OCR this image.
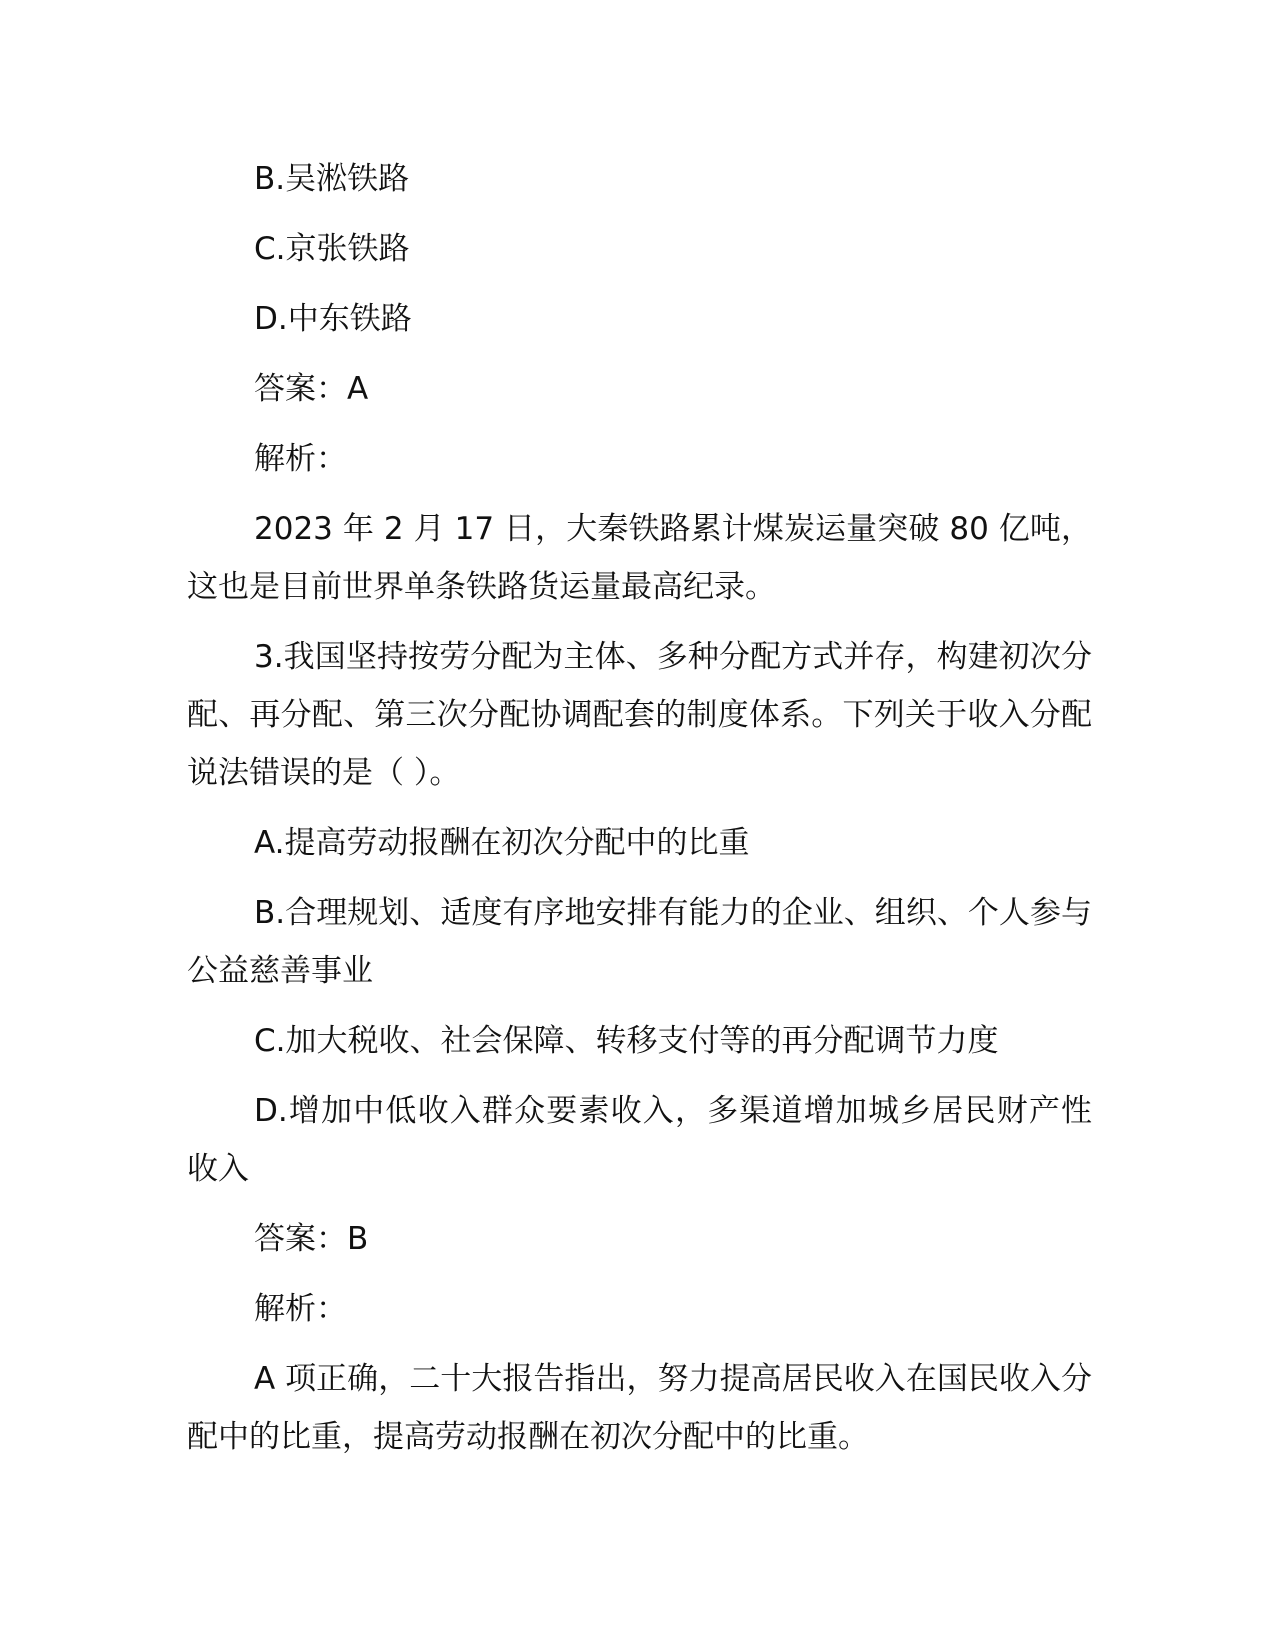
B.吴淞铁路

C.京张铁路

D.中东铁路

答案：A

解析：

2023 年 2 月 17 日，大秦铁路累计煤炭运量突破 80 亿吨，这也是目前世界单条铁路货运量最高纪录。

3.我国坚持按劳分配为主体、多种分配方式并存，构建初次分配、再分配、第三次分配协调配套的制度体系。下列关于收入分配说法错误的是（ ）。

A.提高劳动报酬在初次分配中的比重

B.合理规划、适度有序地安排有能力的企业、组织、个人参与公益慈善事业

C.加大税收、社会保障、转移支付等的再分配调节力度

D.增加中低收入群众要素收入，多渠道增加城乡居民财产性收入

答案：B

解析：

A 项正确，二十大报告指出，努力提高居民收入在国民收入分配中的比重，提高劳动报酬在初次分配中的比重。
